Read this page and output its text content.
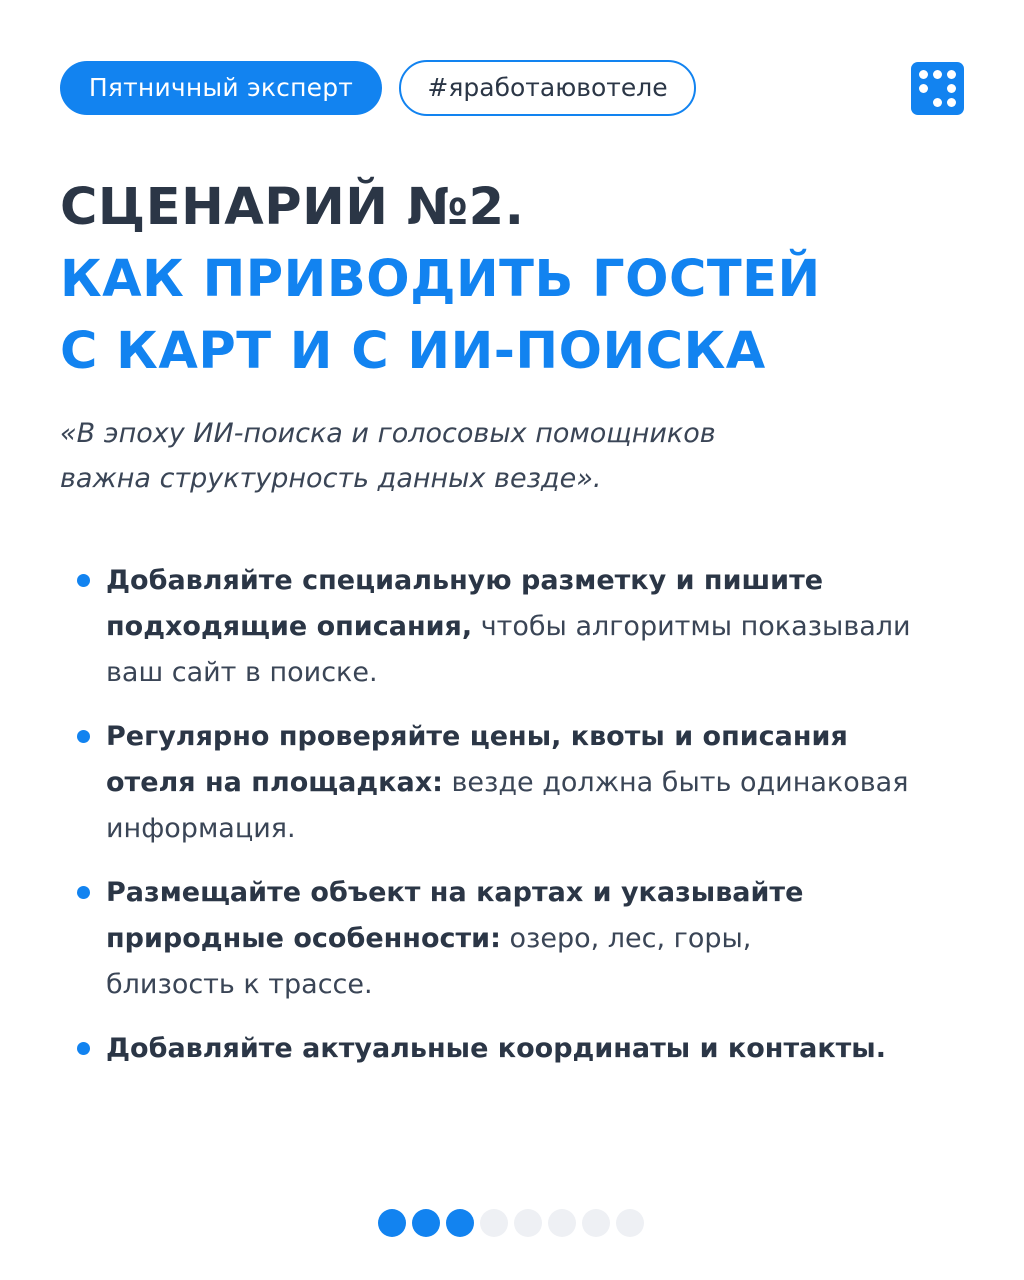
Пятничный эксперт	#яработаювотеле
СЦЕНАРИЙ №2.
КАК ПРИВОДИТЬ ГОСТЕЙ
С КАРТ И С ИИ-ПОИСКА

«В эпоху ИИ-поиска и голосовых помощников
важна структурность данных везде».

Добавляйте специальную разметку и пишите
подходящие описания, чтобы алгоритмы показывали
ваш сайт в поиске.
Регулярно проверяйте цены, квоты и описания
отеля на площадках: везде должна быть одинаковая
информация.
Размещайте объект на картах и указывайте
природные особенности: озеро, лес, горы,
близость к трассе.
Добавляйте актуальные координаты и контакты.
